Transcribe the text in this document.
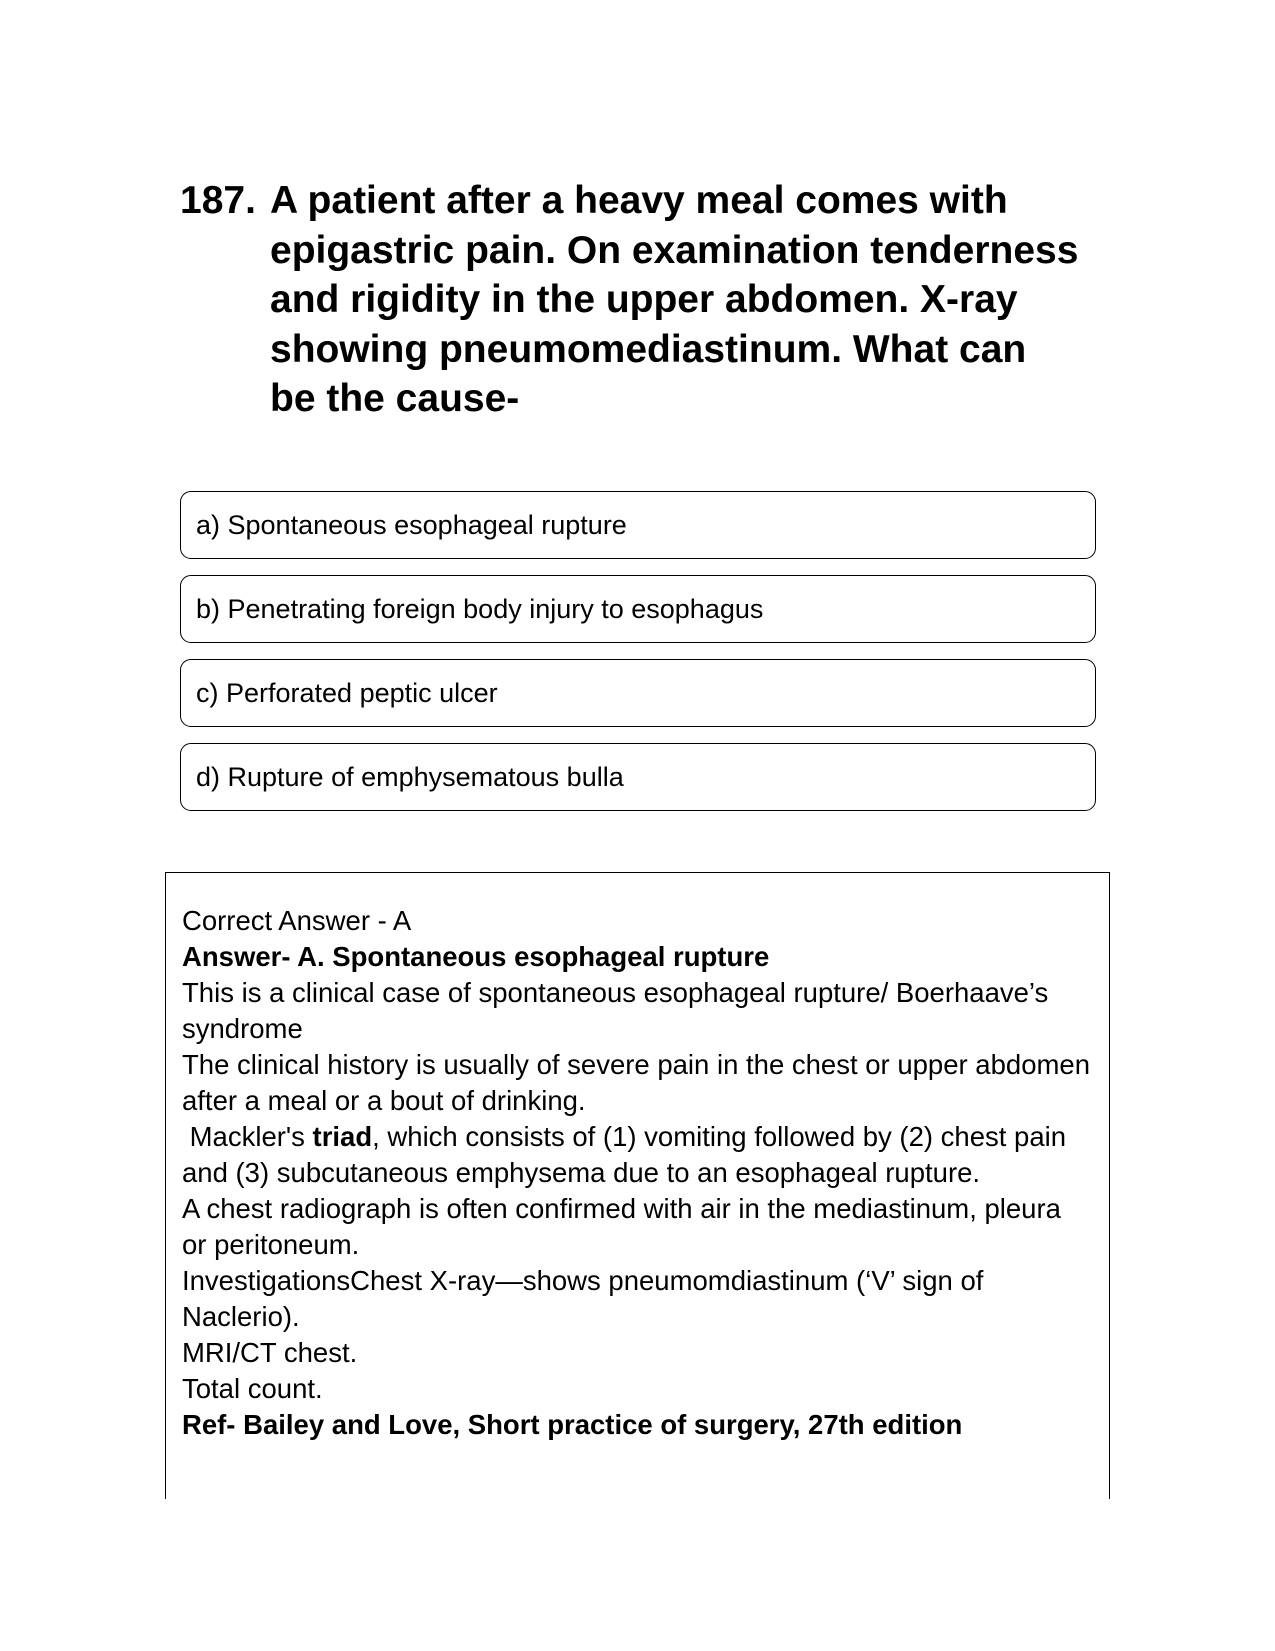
187. A patient after a heavy meal comes with epigastric pain. On examination tenderness and rigidity in the upper abdomen. X-ray showing pneumomediastinum. What can be the cause-
a) Spontaneous esophageal rupture
b) Penetrating foreign body injury to esophagus
c) Perforated peptic ulcer
d) Rupture of emphysematous bulla

Correct Answer - A

Answer- A. Spontaneous esophageal rupture

This is a clinical case of spontaneous esophageal rupture/ Boerhaave’s syndrome

The clinical history is usually of severe pain in the chest or upper abdomen after a meal or a bout of drinking.

Mackler's triad, which consists of (1) vomiting followed by (2) chest pain and (3) subcutaneous emphysema due to an esophageal rupture.

A chest radiograph is often confirmed with air in the mediastinum, pleura or peritoneum.

InvestigationsChest X-ray—shows pneumomdiastinum (‘V’ sign of Naclerio).

MRI/CT chest.

Total count.

Ref- Bailey and Love, Short practice of surgery, 27th edition
